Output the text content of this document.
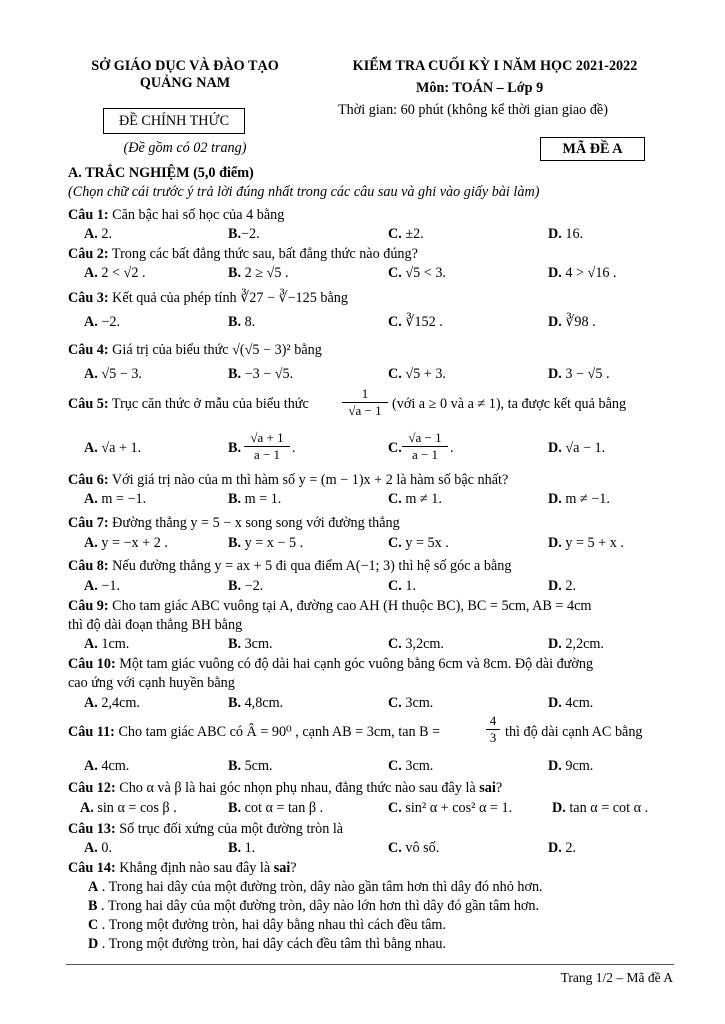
SỞ GIÁO DỤC VÀ ĐÀO TẠO
QUẢNG NAM
ĐỀ CHÍNH THỨC
(Đề gồm có 02 trang)
KIỂM TRA CUỐI KỲ I NĂM HỌC 2021-2022
Môn: TOÁN – Lớp 9
Thời gian: 60 phút (không kể thời gian giao đề)
MÃ ĐỀ A
A. TRẮC NGHIỆM (5,0 điểm)
(Chọn chữ cái trước ý trả lời đúng nhất trong các câu sau và ghi vào giấy bài làm)
Câu 1: Căn bậc hai số học của 4 bằng
A. 2.	B.−2.	C. ±2.	D. 16.
Câu 2: Trong các bất đẳng thức sau, bất đẳng thức nào đúng?
A. 2 < √2 .	B. 2 ≥ √5 .	C. √5 < 3.	D. 4 > √16 .
Câu 3: Kết quả của phép tính ∛27 − ∛−125 bằng
A. −2.	B. 8.	C. ∛152 .	D. ∛98 .
Câu 4: Giá trị của biểu thức √(√5 − 3)² bằng
A. √5 − 3.	B. −3 − √5.	C. √5 + 3.	D. 3 − √5 .
Câu 5: Trục căn thức ở mẫu của biểu thức	$\frac{1}{√a - 1}$ (với a ≥ 0 và a ≠ 1), ta được kết quả bằng
A. √a + 1.	B.
√a + 1
a − 1 .	C.
√a − 1
a − 1 .	D. √a − 1.
Câu 6: Với giá trị nào của m thì hàm số y = (m − 1)x + 2 là hàm số bậc nhất?
A. m = −1.	B. m = 1.	C. m ≠ 1.	D. m ≠ −1.
Câu 7: Đường thẳng y = 5 − x song song với đường thẳng
A. y = −x + 2 .	B. y = x − 5 .	C. y = 5x .	D. y = 5 + x .
Câu 8: Nếu đường thẳng y = ax + 5 đi qua điểm A(−1; 3) thì hệ số góc a bằng
A. −1.	B. −2.	C. 1.	D. 2.
Câu 9: Cho tam giác ABC vuông tại A, đường cao AH (H thuộc BC), BC = 5cm, AB = 4cm
thì độ dài đoạn thẳng BH bằng
A. 1cm.	B. 3cm.	C. 3,2cm.	D. 2,2cm.
Câu 10: Một tam giác vuông có độ dài hai cạnh góc vuông bằng 6cm và 8cm. Độ dài đường
cao ứng với cạnh huyền bằng
A. 2,4cm.	B. 4,8cm.	C. 3cm.	D. 4cm.
Câu 11: Cho tam giác ABC có Â = 90⁰ , cạnh AB = 3cm, tan B =	$\frac{4}{3}$ thì độ dài cạnh AC bằng
A. 4cm.	B. 5cm.	C. 3cm.	D. 9cm.
Câu 12: Cho α và β là hai góc nhọn phụ nhau, đẳng thức nào sau đây là sai?
A. sin α = cos β .	B. cot α = tan β .	C. sin² α + cos² α = 1.	D. tan α = cot α .
Câu 13: Số trục đối xứng của một đường tròn là
A. 0.	B. 1.	C. vô số.	D. 2.
Câu 14: Khẳng định nào sau đây là sai?
A . Trong hai dây của một đường tròn, dây nào gần tâm hơn thì dây đó nhỏ hơn.
B . Trong hai dây của một đường tròn, dây nào lớn hơn thì dây đó gần tâm hơn.
C . Trong một đường tròn, hai dây bằng nhau thì cách đều tâm.
D . Trong một đường tròn, hai dây cách đều tâm thì bằng nhau.
Trang 1/2 – Mã đề A
